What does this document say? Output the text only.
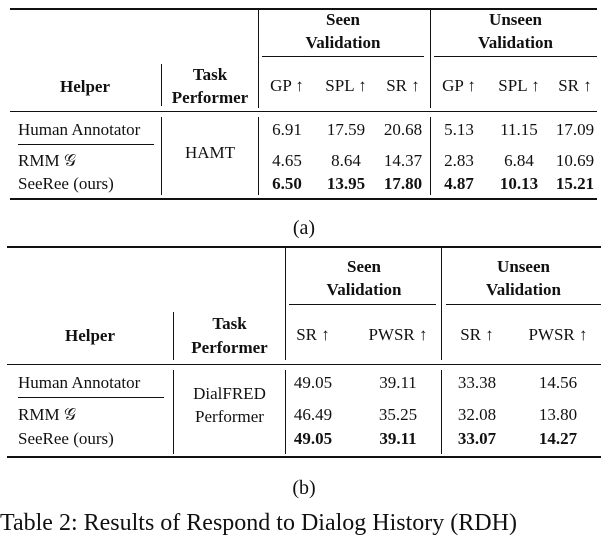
Seen
Validation
Unseen
Validation
Helper
Task
Performer
GP ↑	SPL ↑	SR ↑	GP ↑	SPL ↑	SR ↑
HAMT
Human Annotator	6.91	17.59	20.68	5.13	11.15	17.09
RMM 𝒢	4.65	8.64	14.37	2.83	6.84	10.69
SeeRee (ours)	6.50	13.95	17.80	4.87	10.13	15.21
(a)
Seen
Validation
Unseen
Validation
Helper
Task
Performer
SR ↑	PWSR ↑	SR ↑	PWSR ↑
DialFRED
Performer
Human Annotator	49.05	39.11	33.38	14.56
RMM 𝒢	46.49	35.25	32.08	13.80
SeeRee (ours)	49.05	39.11	33.07	14.27
(b)
Table 2: Results of Respond to Dialog History (RDH)
